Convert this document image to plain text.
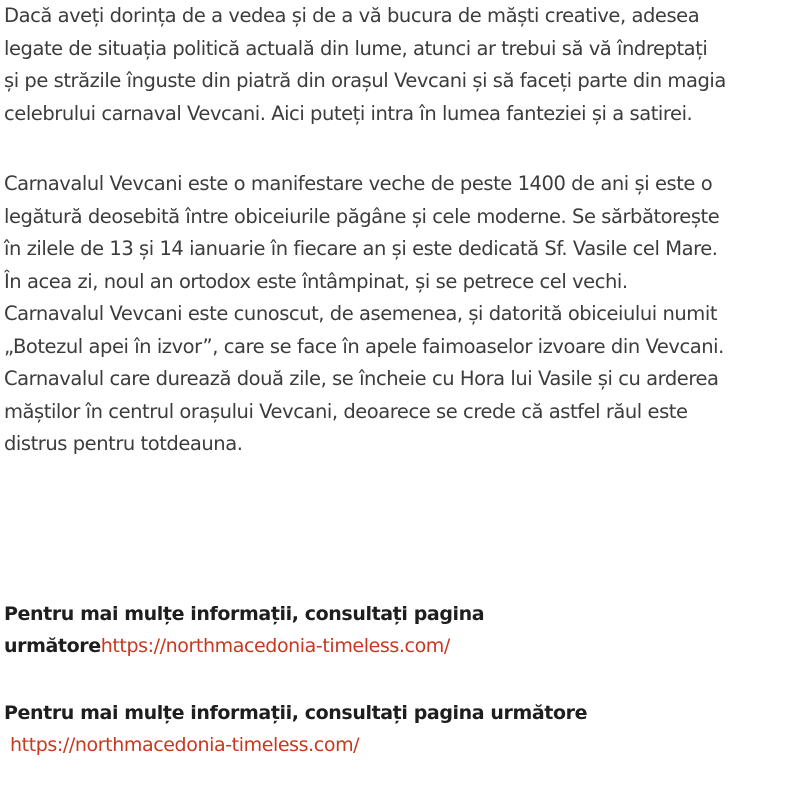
Dacă aveți dorința de a vedea și de a vă bucura de măști creative, adesea
legate de situația politică actuală din lume, atunci ar trebui să vă îndreptați
și pe străzile înguste din piatră din orașul Vevcani și să faceți parte din magia
celebrului carnaval Vevcani. Aici puteți intra în lumea fanteziei și a satirei.

Carnavalul Vevcani este o manifestare veche de peste 1400 de ani și este o
legătură deosebită între obiceiurile păgâne și cele moderne. Se sărbătorește
în zilele de 13 și 14 ianuarie în fiecare an și este dedicată Sf. Vasile cel Mare.
În acea zi, noul an ortodox este întâmpinat, și se petrece cel vechi.
Carnavalul Vevcani este cunoscut, de asemenea, și datorită obiceiului numit
„Botezul apei în izvor”, care se face în apele faimoaselor izvoare din Vevcani.
Carnavalul care durează două zile, se încheie cu Hora lui Vasile și cu arderea
măștilor în centrul orașului Vevcani, deoarece se crede că astfel răul este
distrus pentru totdeauna.

Pentru mai mulțe informații, consultați pagina
următorehttps://northmacedonia-timeless.com/

Pentru mai mulțe informații, consultați pagina următore
https://northmacedonia-timeless.com/
